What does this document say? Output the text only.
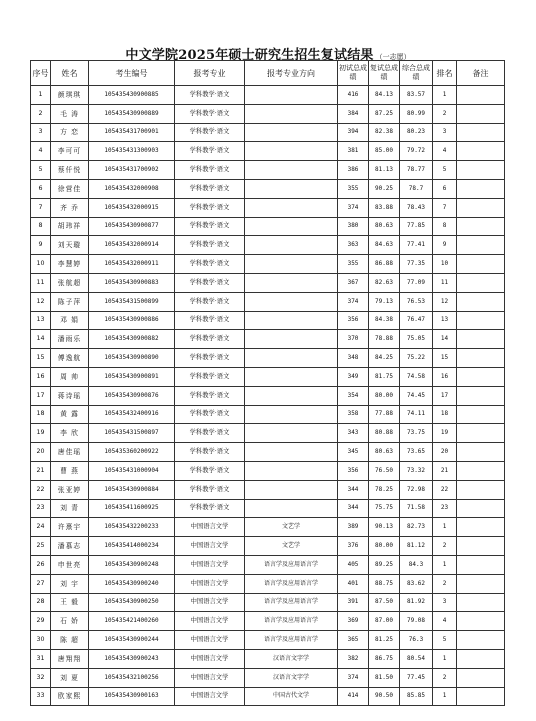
中文学院2025年硕士研究生招生复试结果 （一志愿）
序号	姓名	考生编号	报考专业	报考专业方向	初试总成绩	复试总成绩	综合总成绩	排名	备注
1	颜琪琪	105435430900885	学科教学·语文		416	84.13	83.57	1	
2	毛 涛	105435430900889	学科教学·语文		384	87.25	80.99	2	
3	方 恋	105435431700901	学科教学·语文		394	82.38	80.23	3	
4	李可可	105435431300903	学科教学·语文		381	85.00	79.72	4	
5	蔡仟悦	105435431700902	学科教学·语文		386	81.13	78.77	5	
6	徐营佳	105435432000908	学科教学·语文		355	90.25	78.7	6	
7	齐 乔	105435432000915	学科教学·语文		374	83.88	78.43	7	
8	胡玮祥	105435430900877	学科教学·语文		380	80.63	77.85	8	
9	刘天璇	105435432000914	学科教学·语文		363	84.63	77.41	9	
10	李慧婷	105435432000911	学科教学·语文		355	86.88	77.35	10	
11	张航超	105435430900883	学科教学·语文		367	82.63	77.09	11	
12	陈子萍	105435431500899	学科教学·语文		374	79.13	76.53	12	
13	邓 娟	105435430900886	学科教学·语文		356	84.38	76.47	13	
14	潘雨乐	105435430900882	学科教学·语文		370	78.88	75.05	14	
15	傅逸航	105435430900890	学科教学·语文		348	84.25	75.22	15	
16	周 帅	105435430900891	学科教学·语文		349	81.75	74.58	16	
17	蒋诗瑶	105435430900876	学科教学·语文		354	80.00	74.45	17	
18	黄 露	105435432400916	学科教学·语文		358	77.88	74.11	18	
19	李 欣	105435431500897	学科教学·语文		343	80.88	73.75	19	
20	唐佳瑶	105435360200922	学科教学·语文		345	80.63	73.65	20	
21	曹 燕	105435431000904	学科教学·语文		356	76.50	73.32	21	
22	张亚婷	105435430900884	学科教学·语文		344	78.25	72.98	22	
23	刘 青	105435411600925	学科教学·语文		344	75.75	71.58	23	
24	许熹宇	105435432200233	中国语言文学	文艺学	389	90.13	82.73	1	
25	潘慕志	105435414000234	中国语言文学	文艺学	376	80.00	81.12	2	
26	申世亮	105435430900248	中国语言文学	语言学及应用语言学	405	89.25	84.3	1	
27	刘 宇	105435430900240	中国语言文学	语言学及应用语言学	401	88.75	83.62	2	
28	王 毅	105435430900250	中国语言文学	语言学及应用语言学	391	87.50	81.92	3	
29	石 娇	105435421400260	中国语言文学	语言学及应用语言学	369	87.00	79.08	4	
30	陈 超	105435430900244	中国语言文学	语言学及应用语言学	365	81.25	76.3	5	
31	唐翔翔	105435430900243	中国语言文学	汉语言文字学	382	86.75	80.54	1	
32	刘 夏	105435432100256	中国语言文学	汉语言文字学	374	81.50	77.45	2	
33	欧家熙	105435430900163	中国语言文学	中国古代文学	414	90.50	85.85	1	
